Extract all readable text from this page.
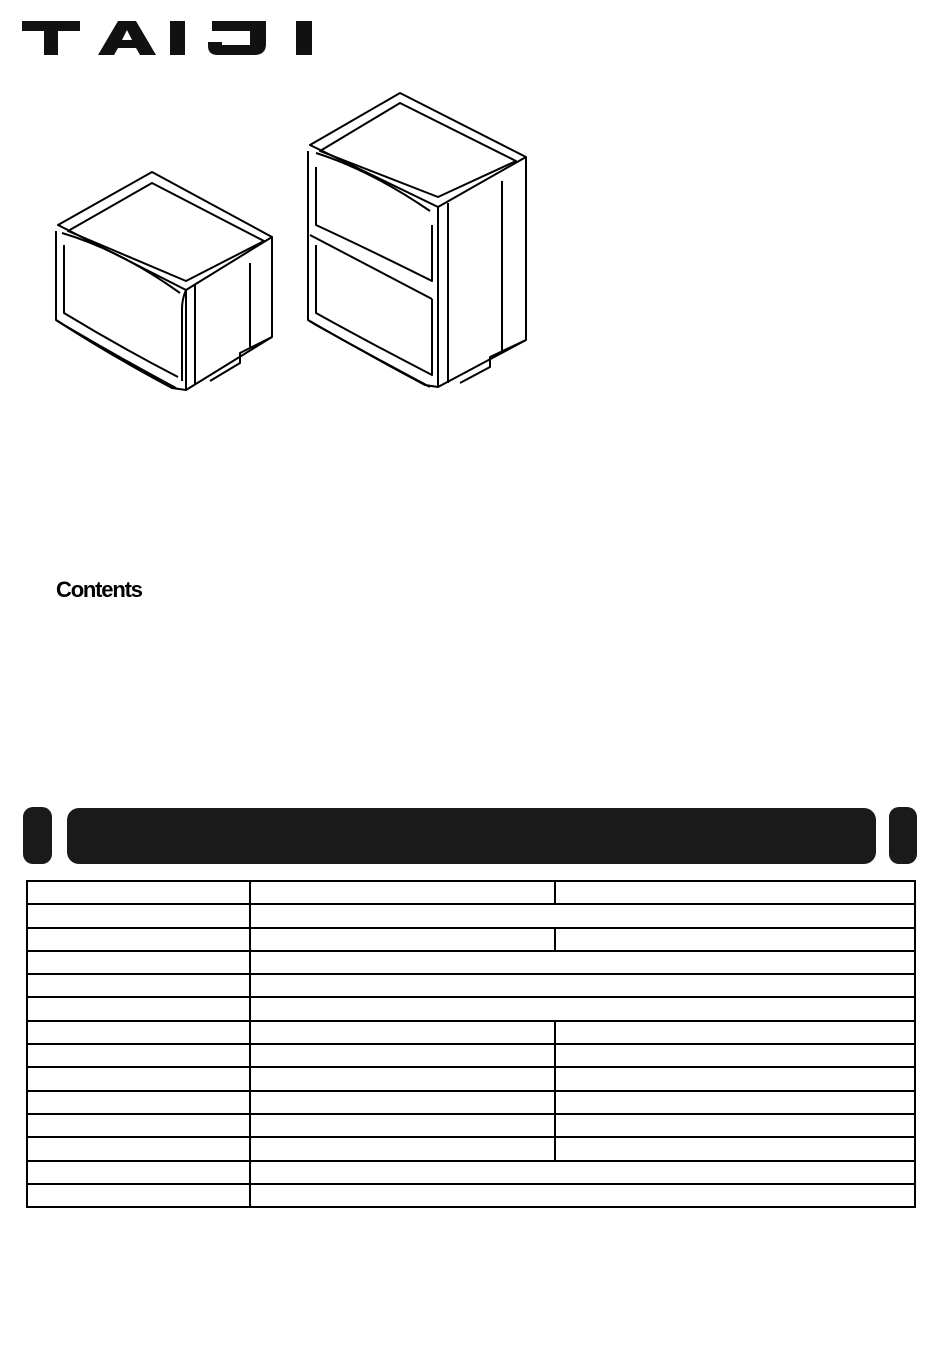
Contents
